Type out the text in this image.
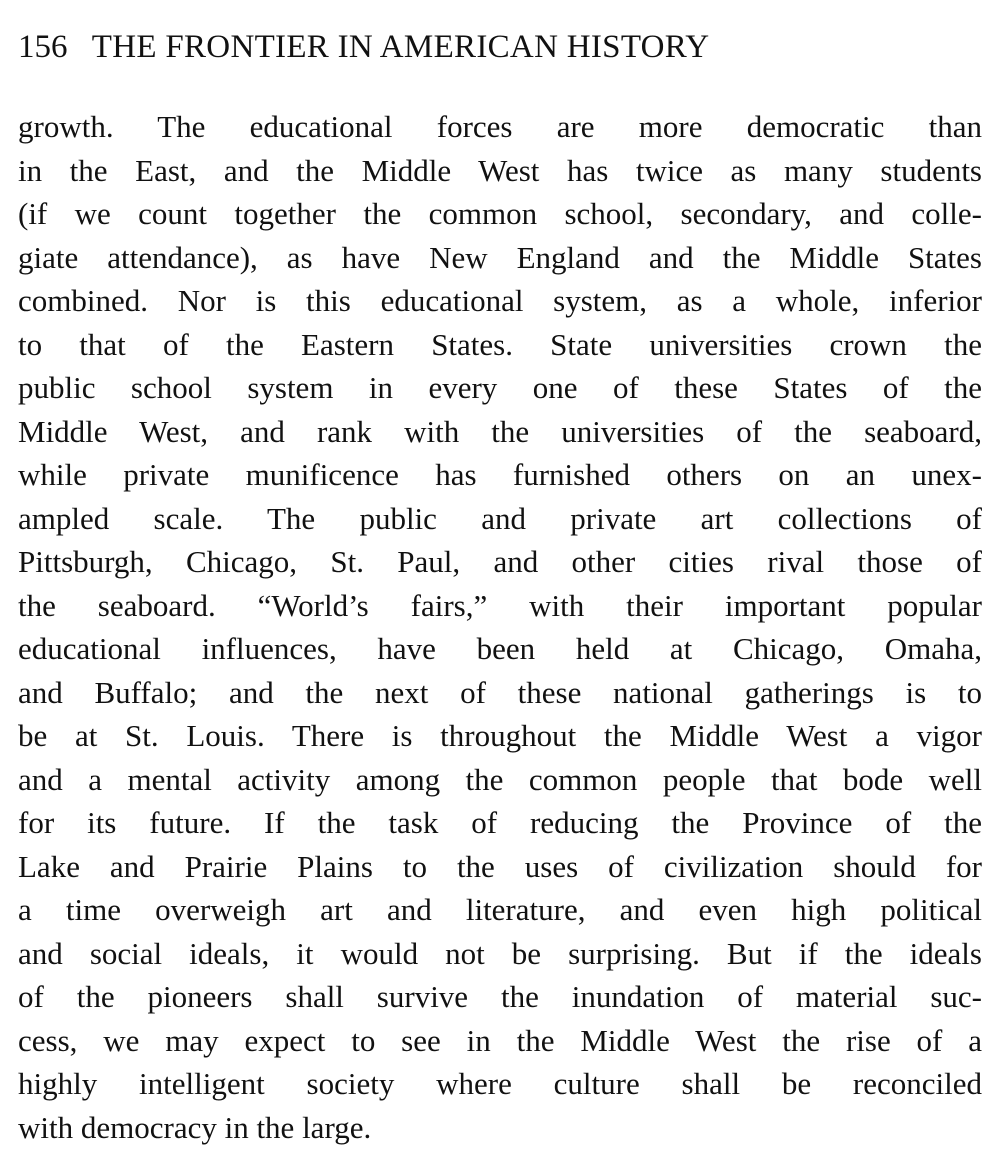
156 THE FRONTIER IN AMERICAN HISTORY
growth. The educational forces are more democratic than
in the East, and the Middle West has twice as many students
(if we count together the common school, secondary, and colle-
giate attendance), as have New England and the Middle States
combined. Nor is this educational system, as a whole, inferior
to that of the Eastern States. State universities crown the
public school system in every one of these States of the
Middle West, and rank with the universities of the seaboard,
while private munificence has furnished others on an unex-
ampled scale. The public and private art collections of
Pittsburgh, Chicago, St. Paul, and other cities rival those of
the seaboard. “World’s fairs,” with their important popular
educational influences, have been held at Chicago, Omaha,
and Buffalo; and the next of these national gatherings is to
be at St. Louis. There is throughout the Middle West a vigor
and a mental activity among the common people that bode well
for its future. If the task of reducing the Province of the
Lake and Prairie Plains to the uses of civilization should for
a time overweigh art and literature, and even high political
and social ideals, it would not be surprising. But if the ideals
of the pioneers shall survive the inundation of material suc-
cess, we may expect to see in the Middle West the rise of a
highly intelligent society where culture shall be reconciled
with democracy in the large.
